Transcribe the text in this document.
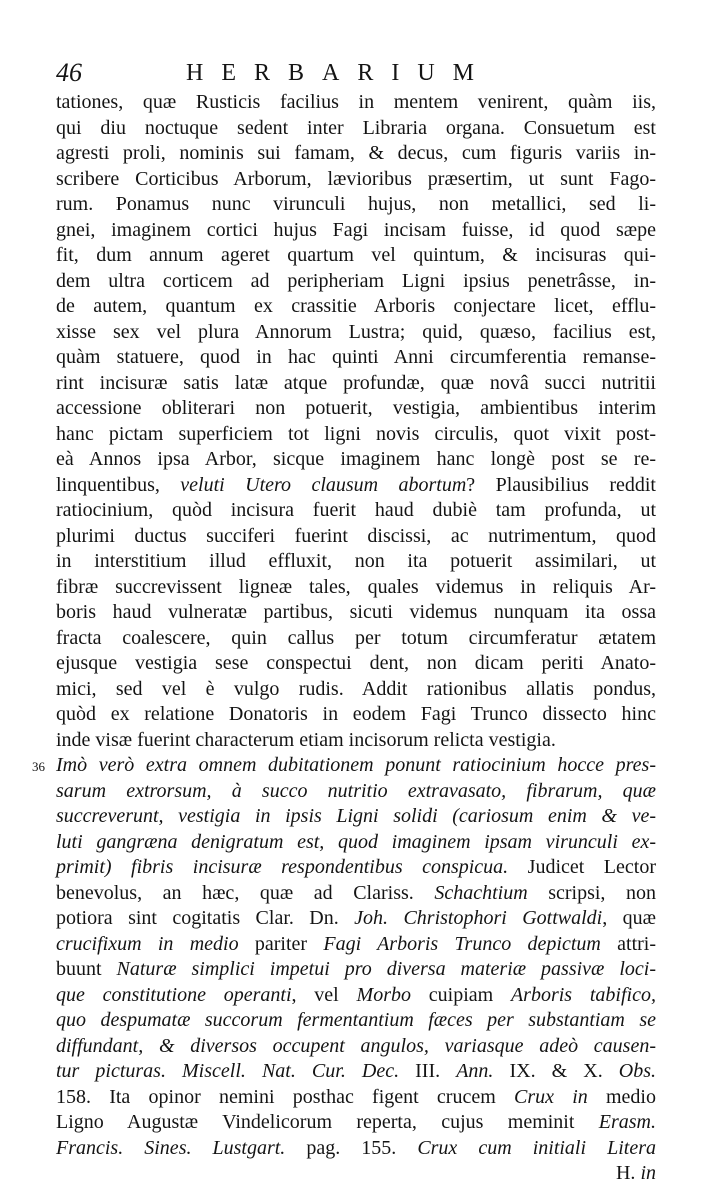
46	HERBARIUM
tationes, quæ Rusticis facilius in mentem venirent, quàm iis,
qui diu noctuque sedent inter Libraria organa. Consuetum est
agresti proli, nominis sui famam, & decus, cum figuris variis in-
scribere Corticibus Arborum, lævioribus præsertim, ut sunt Fago-
rum. Ponamus nunc virunculi hujus, non metallici, sed li-
gnei, imaginem cortici hujus Fagi incisam fuisse, id quod sæpe
fit, dum annum ageret quartum vel quintum, & incisuras qui-
dem ultra corticem ad peripheriam Ligni ipsius penetrâsse, in-
de autem, quantum ex crassitie Arboris conjectare licet, efflu-
xisse sex vel plura Annorum Lustra; quid, quæso, facilius est,
quàm statuere, quod in hac quinti Anni circumferentia remanse-
rint incisuræ satis latæ atque profundæ, quæ novâ succi nutritii
accessione obliterari non potuerit, vestigia, ambientibus interim
hanc pictam superficiem tot ligni novis circulis, quot vixit post-
eà Annos ipsa Arbor, sicque imaginem hanc longè post se re-
linquentibus, veluti Utero clausum abortum? Plausibilius reddit
ratiocinium, quòd incisura fuerit haud dubiè tam profunda, ut
plurimi ductus succiferi fuerint discissi, ac nutrimentum, quod
in interstitium illud effluxit, non ita potuerit assimilari, ut
fibræ succrevissent ligneæ tales, quales videmus in reliquis Ar-
boris haud vulneratæ partibus, sicuti videmus nunquam ita ossa
fracta coalescere, quin callus per totum circumferatur ætatem
ejusque vestigia sese conspectui dent, non dicam periti Anato-
mici, sed vel è vulgo rudis. Addit rationibus allatis pondus,
quòd ex relatione Donatoris in eodem Fagi Trunco dissecto hinc
inde visæ fuerint characterum etiam incisorum relicta vestigia.
36 Imò verò extra omnem dubitationem ponunt ratiocinium hocce pres-
sarum extrorsum, à succo nutritio extravasato, fibrarum, quæ
succreverunt, vestigia in ipsis Ligni solidi (cariosum enim & ve-
luti gangræna denigratum est, quod imaginem ipsam virunculi ex-
primit) fibris incisuræ respondentibus conspicua. Judicet Lector
benevolus, an hæc, quæ ad Clariss. Schachtium scripsi, non
potiora sint cogitatis Clar. Dn. Joh. Christophori Gottwaldi, quæ
crucifixum in medio pariter Fagi Arboris Trunco depictum attri-
buunt Naturæ simplici impetui pro diversa materiæ passivæ loci-
que constitutione operanti, vel Morbo cuipiam Arboris tabifico,
quo despumatæ succorum fermentantium fæces per substantiam se
diffundant, & diversos occupent angulos, variasque adeò causen-
tur picturas. Miscell. Nat. Cur. Dec. III. Ann. IX. & X. Obs.
158. Ita opinor nemini posthac figent crucem Crux in medio
Ligno Augustæ Vindelicorum reperta, cujus meminit Erasm.
Francis. Sines. Lustgart. pag. 155. Crux cum initiali Litera
H. in
